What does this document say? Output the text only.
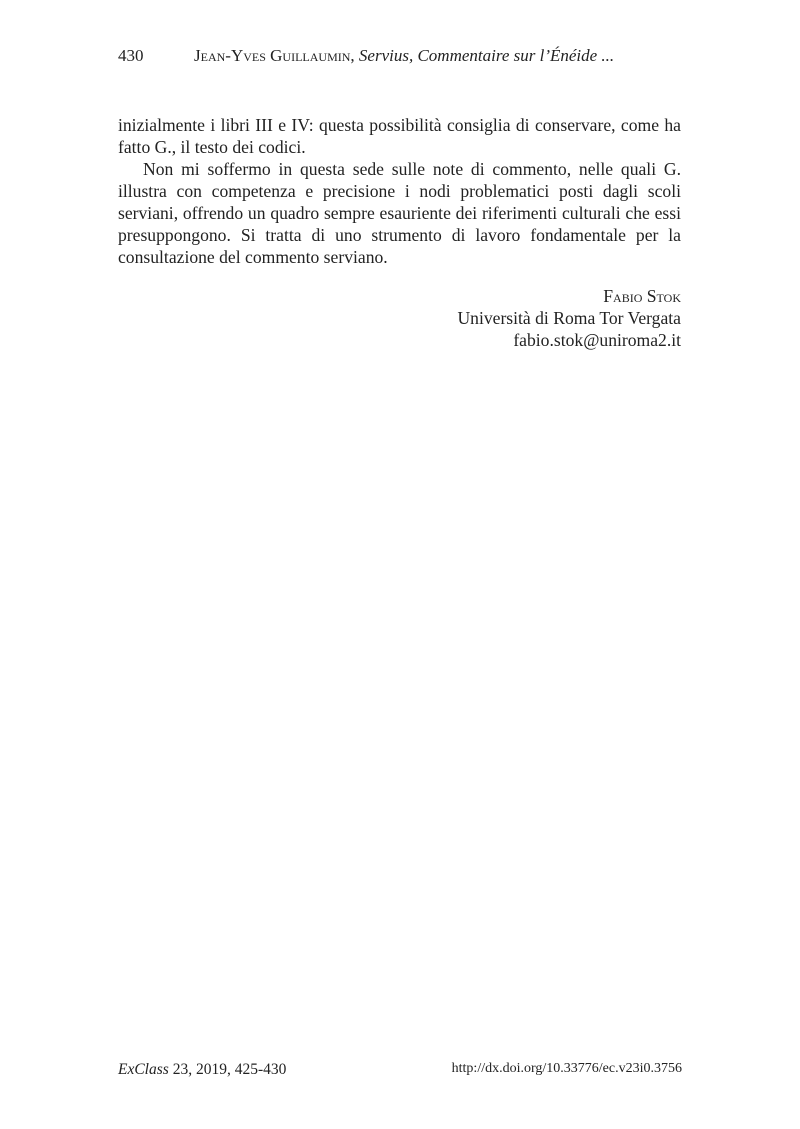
430	Jean-Yves Guillaumin, Servius, Commentaire sur l’Énéide ...

inizialmente i libri III e IV: questa possibilità consiglia di conservare, come ha fatto G., il testo dei codici.

Non mi soffermo in questa sede sulle note di commento, nelle quali G. illustra con competenza e precisione i nodi problematici posti dagli scoli serviani, offrendo un quadro sempre esauriente dei riferimenti culturali che essi presuppongono. Si tratta di uno strumento di lavoro fondamentale per la consultazione del commento serviano.

Fabio Stok
Università di Roma Tor Vergata
fabio.stok@uniroma2.it
ExClass 23, 2019, 425-430	http://dx.doi.org/10.33776/ec.v23i0.3756
